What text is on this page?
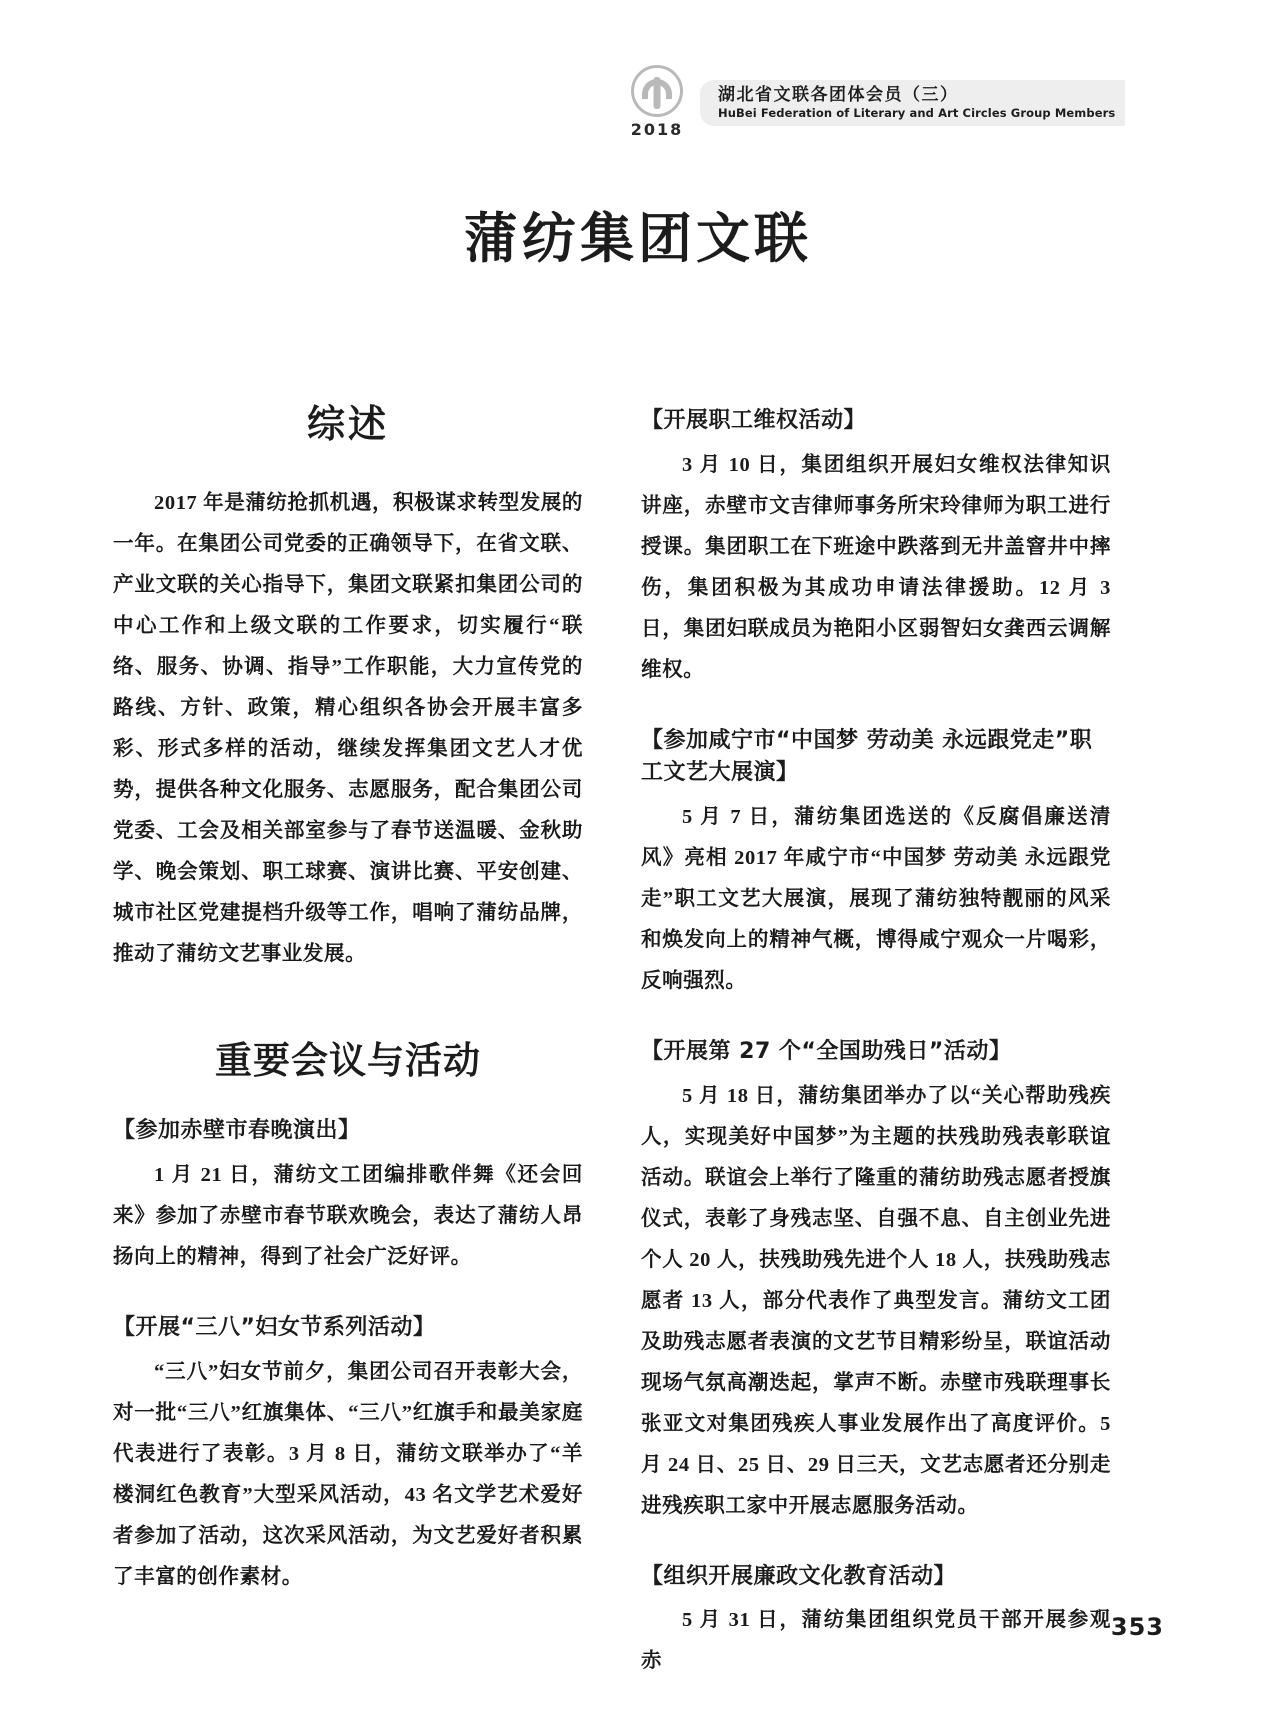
2018
湖北省文联各团体会员（三）
HuBei Federation of Literary and Art Circles Group Members
蒲纺集团文联
综述

2017 年是蒲纺抢抓机遇，积极谋求转型发展的一年。在集团公司党委的正确领导下，在省文联、产业文联的关心指导下，集团文联紧扣集团公司的中心工作和上级文联的工作要求，切实履行“联络、服务、协调、指导”工作职能，大力宣传党的路线、方针、政策，精心组织各协会开展丰富多彩、形式多样的活动，继续发挥集团文艺人才优势，提供各种文化服务、志愿服务，配合集团公司党委、工会及相关部室参与了春节送温暖、金秋助学、晚会策划、职工球赛、演讲比赛、平安创建、城市社区党建提档升级等工作，唱响了蒲纺品牌，推动了蒲纺文艺事业发展。

重要会议与活动
【参加赤壁市春晚演出】

1 月 21 日，蒲纺文工团编排歌伴舞《还会回来》参加了赤壁市春节联欢晚会，表达了蒲纺人昂扬向上的精神，得到了社会广泛好评。

【开展“三八”妇女节系列活动】

“三八”妇女节前夕，集团公司召开表彰大会，对一批“三八”红旗集体、“三八”红旗手和最美家庭代表进行了表彰。3 月 8 日，蒲纺文联举办了“羊楼洞红色教育”大型采风活动，43 名文学艺术爱好者参加了活动，这次采风活动，为文艺爱好者积累了丰富的创作素材。

【开展职工维权活动】

3 月 10 日，集团组织开展妇女维权法律知识讲座，赤壁市文吉律师事务所宋玲律师为职工进行授课。集团职工在下班途中跌落到无井盖窨井中摔伤，集团积极为其成功申请法律援助。12 月 3 日，集团妇联成员为艳阳小区弱智妇女龚西云调解维权。

【参加咸宁市“中国梦 劳动美 永远跟党走”职工文艺大展演】

5 月 7 日，蒲纺集团选送的《反腐倡廉送清风》亮相 2017 年咸宁市“中国梦 劳动美 永远跟党走”职工文艺大展演，展现了蒲纺独特靓丽的风采和焕发向上的精神气概，博得咸宁观众一片喝彩，反响强烈。

【开展第 27 个“全国助残日”活动】

5 月 18 日，蒲纺集团举办了以“关心帮助残疾人，实现美好中国梦”为主题的扶残助残表彰联谊活动。联谊会上举行了隆重的蒲纺助残志愿者授旗仪式，表彰了身残志坚、自强不息、自主创业先进个人 20 人，扶残助残先进个人 18 人，扶残助残志愿者 13 人，部分代表作了典型发言。蒲纺文工团及助残志愿者表演的文艺节目精彩纷呈，联谊活动现场气氛高潮迭起，掌声不断。赤壁市残联理事长张亚文对集团残疾人事业发展作出了高度评价。5 月 24 日、25 日、29 日三天，文艺志愿者还分别走进残疾职工家中开展志愿服务活动。

【组织开展廉政文化教育活动】

5 月 31 日，蒲纺集团组织党员干部开展参观赤

353
